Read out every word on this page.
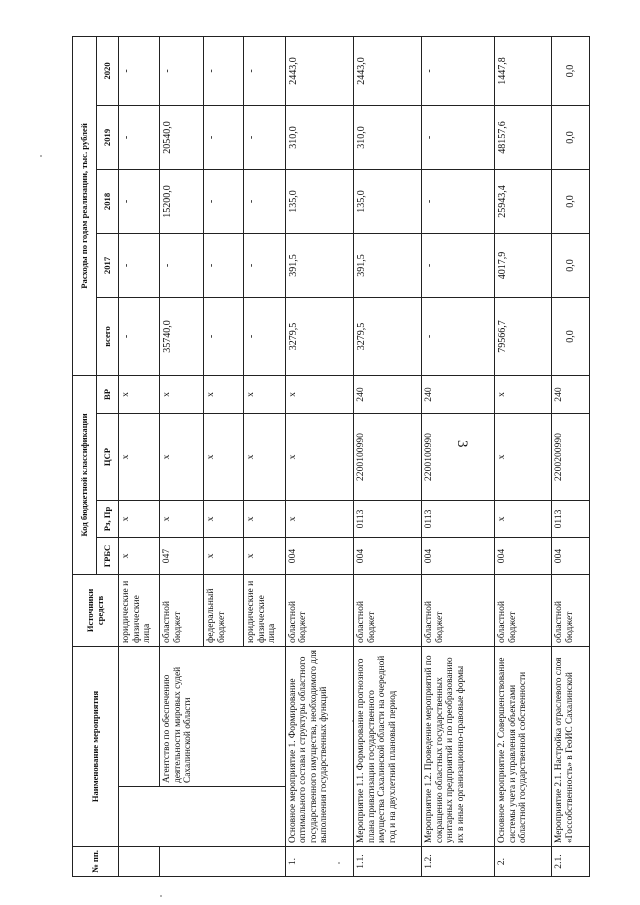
3
№ пп.	Наименование мероприятия		Источники средств	Код бюджетной классификации				Расходы по годам реализации, тыс. рублей				
				ГРБС	Рз, Пр	ЦСР	ВР	всего	2017	2018	2019	2020
			юридические и физические лица	х	х	х	х	-	-	-	-	-
		Агентство по обеспечению деятельности мировых судей Сахалинской области	областной бюджет	047	х	х	х	35740,0	-	15200,0	20540,0	-
			федеральный бюджет	х	х	х	х	-	-	-	-	-
			юридические и физические лица	х	х	х	х	-	-	-	-	-
1.	Основное мероприятие 1. Формирование оптимального состава и структуры областного государственного имущества, необходимого для выполнения государственных функций		областной бюджет	004	х	х	х	3279,5	391,5	135,0	310,0	2443,0
1.1.	Мероприятие 1.1. Формирование прогнозного плана приватизации государственного имущества Сахалинской области на очередной год и на двухлетний плановый период		областной бюджет	004	0113	2200100990	240	3279,5	391,5	135,0	310,0	2443,0
1.2.	Мероприятие 1.2. Проведение мероприятий по сокращению областных государственных унитарных предприятий и по преобразованию их в иные организационно-правовые формы		областной бюджет	004	0113	2200100990	240	-	-	-	-	-
2.	Основное мероприятие 2. Совершенствование системы учета и управления объектами областной государственной собственности		областной бюджет	004	х	х	х	79566,7	4017,9	25943,4	48157,6	1447,8
2.1.	Мероприятие 2.1. Настройка отраслевого слоя «Госсобственность» в ГеоИС Сахалинской		областной бюджет	004	0113	2200200990	240	0,0	0,0	0,0	0,0	0,0
